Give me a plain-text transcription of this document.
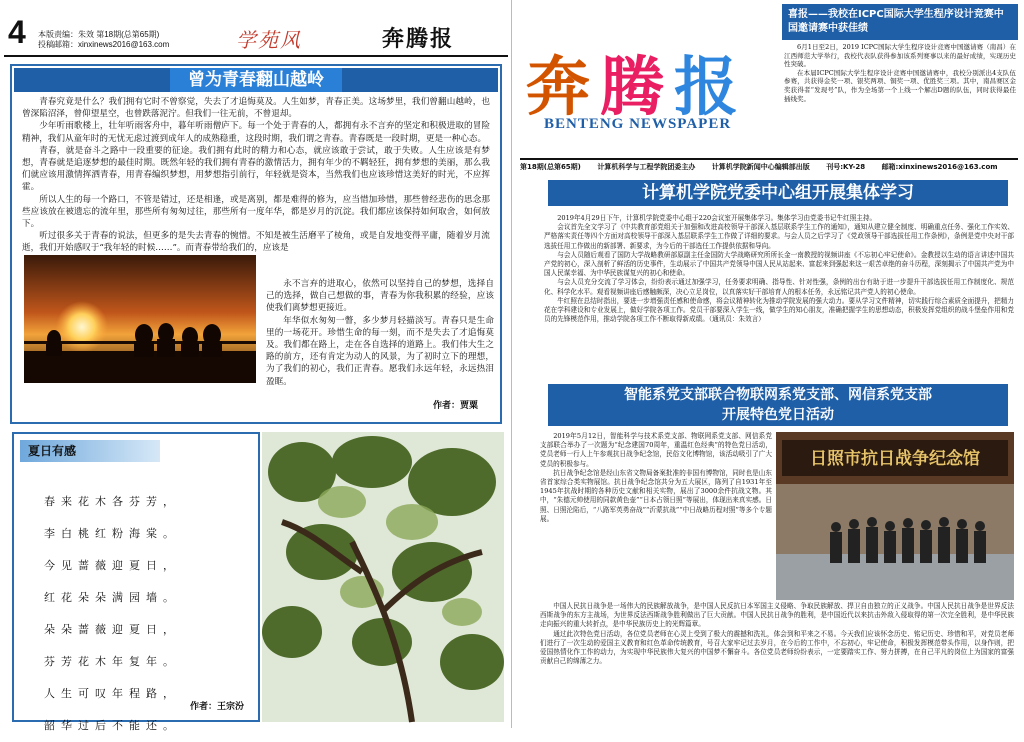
4 本版责编：朱效 第18期(总第65期)
投稿邮箱：xinxinews2016@163.com	学苑风	奔腾报
曾为青春翻山越岭

青春究竟是什么？我们拥有它时不曾察觉，失去了才追悔莫及。人生如梦，青春正美。这场梦里，我们曾翻山越岭，也曾深陷沼泽，曾仰望星空，也曾跌落泥泞。但我们一往无前，不曾退却。

少年听雨歌楼上，壮年听雨客舟中，暮年听雨僧庐下。每一个处于青春的人，都拥有永不言弃的坚定和积极进取的冒险精神，我们从童年时的无忧无虑过渡到成年人的成熟稳重，这段时期，我们谓之青春。青春既是一段时期，更是一种心态。

青春，就是奋斗之路中一段重要的征途。我们拥有此时的精力和心态，就应该敢于尝试，敢于失败。人生应该是有梦想，青春就是追逐梦想的最佳时期。既然年轻的我们拥有青春的激情活力，拥有年少的不羁轻狂，拥有梦想的美丽，那么我们就应该用激情挥洒青春，用青春编织梦想，用梦想指引前行，年轻就是资本，当然我们也应该珍惜这美好的时光，不应挥霍。

所以人生的每一个路口，不管是错过，还是相逢，或是离别，都是难得的修为，应当惜加珍惜，那些曾经悲伤的思念那些应该放在被遗忘的流年里，那些所有匆匆过往，那些所有一度年华，都是岁月的沉淀。我们都应该保持如何取舍，如何放下。

听过很多关于青春的说法，但更多的是失去青春的惋惜。不知是被生活磨平了棱角，或是自发地变得平庸，随着岁月流逝，我们开始感叹于“我年轻的时候……”。而青春带给我们的，应该是

永不言弃的进取心，依然可以坚持自己的梦想，选择自己的选择，做自己想做的事，青春为你我积累的经验，应该使我们离梦想更接近。

年华似水匆匆一瞥，多少梦月轻描淡写。青春只是生命里的一场花开。珍惜生命的每一刻，而不是失去了才追悔莫及。我们都在路上，走在各自选择的道路上。我们伟大生之路的前方，还有肯定为动人的风景，为了初时立下的理想，为了我们的初心，我们正青春。愿我们永远年轻，永远热泪盈眶。

作者：贾粟
夏日有感
春来花木各芬芳，
李白桃红粉海棠。
今见蔷薇迎夏日，
红花朵朵满园墙。
朵朵蔷薇迎夏日，
芬芳花木年复年。
人生可叹年程路，
韶华过后不能还。
作者：王宗汾
奔腾报
BENTENG NEWSPAPER
喜报——我校在ICPC国际大学生程序设计竞赛中国邀请赛中获佳绩

6月1日至2日，2019 ICPC国际大学生程序设计竞赛中国邀请赛（南昌）在江西师范大学举行，我校代表队获得参加该系列赛事以来的最好成绩，实现历史性突破。

在本届ICPC国际大学生程序设计竞赛中国邀请赛中，我校分别派出4支队伍参赛，共获得金奖一项、银奖两项、铜奖一项、优胜奖三项。其中，南昌赛区金奖获得者“发现号”队，作为全场第一个上线一个解出D题的队伍，同时获得最佳插线奖。

第18期(总第65期) 计算机科学与工程学院团委主办 计算机学院新闻中心编辑部出版 刊号:KY-28 邮箱:xinxinews2016@163.com
计算机学院党委中心组开展集体学习

2019年4月29日下午，计算机学院党委中心组于220会议室开展集体学习。集体学习由党委书记牛红照主持。

会议首先全文学习了《中共教育部党组关于加强和改进高校领导干部深入基层联系学生工作的通知》，通知从建立健全制度、明确重点任务、强化工作实效、严格落实责任等四个方面对高校领导干部深入基层联系学生工作做了详细的要求。与会人员之后学习了《党政领导干部选拔任用工作条例》，条例是党中央对干部选拔任用工作做出的新部署、新要求，为今后的干部选任工作提供依据和导向。

与会人员随后观看了国防大学战略教研部原副主任金国防大学战略研究所所长金一南教授的视频讲座《不忘初心牢记使命》。金教授以生动的语言讲述中国共产党的初心，深入剖析了鲜活的历史事件，生动展示了中国共产党领导中国人民从站起来、富起来到强起来这一艰苦卓绝的奋斗历程，深刻揭示了中国共产党为中国人民谋幸福、为中华民族谋复兴的初心和使命。

与会人员充分交流了学习体会，纷纷表示通过加强学习，任务要求明确、指导性、针对性强，条例的出台有助于进一步提升干部选拔任用工作制度化、规范化、科学化水平。观看视频讲座后感触颇深，决心立足岗位，以真落实好干部培育人的根本任务，永远铭记共产党人的初心使命。

牛红照在总结时指出，要进一步增强责任感和使命感，将会议精神转化为推动学院发展的强大动力。要从学习文件精神，切实践行综合素质全面提升，把精力花在学科建设和专业发展上，做好学院各项工作。党员干部要深入学生一线，做学生的知心朋友，准确把握学生的思想动态，积极发挥党组织的战斗堡垒作用和党员的先锋模范作用，推动学院各项工作不断取得新成绩。（通讯员：朱效言）

智能系党支部联合物联网系党支部、网信系党支部
开展特色党日活动

2019年5月12日，智能科学与技术系党支部、物联网系党支部、网信系党支部联合举办了一次题为“纪念建国70周年，重温红色经典”的特色党日活动，党员老师一行人上午参观抗日战争纪念馆，民俗文化博物馆，该活动吸引了广大党员的积极参与。

抗日战争纪念馆是经山东省文物局备案批准的非国有博物馆，同时也是山东省首家综合类实物展馆。抗日战争纪念馆共分为五大展区，陈列了自1931年至1945年抗战时期的各种历史文献和相关实物，展出了3000余件抗战文物。其中，“朱德元帅使用的同款黄色壶”“日本占领日照”等展出，体现出来真实感。日照、日照沦陷后，“八路军英勇奋战”“沂蒙抗战”“中日战略历程对照”等多个专题展。

日照市抗日战争纪念馆

中国人民抗日战争是一场伟大的民族解放战争，是中国人民反抗日本军国主义侵略、争取民族解放、捍卫自由独立的正义战争。中国人民抗日战争是世界反法西斯战争的东方主战场，为世界反法西斯战争胜利做出了巨大贡献。中国人民抗日战争的胜利，是中国近代以来抗击外敌入侵取得的第一次完全胜利，是中华民族走向振兴的重大转折点，是中华民族历史上的光辉篇章。

通过此次特色党日活动，各位党员老师在心灵上受到了极大的震撼和洗礼，体会到和平来之不易。今天我们应该怀念历史、铭记历史、珍惜和平，对党员老师们进行了一次生动的爱国主义教育和红色革命传统教育，号召大家牢记过去岁月，在今后的工作中，不忘初心，牢记使命，积极发挥模范带头作用，以身作则，把爱国热情化作工作的动力，为实现中华民族伟大复兴的中国梦不懈奋斗。各位党员老师纷纷表示，一定要踏实工作、努力拼搏，在自己平凡的岗位上为国家的富强贡献自己的绵薄之力。
